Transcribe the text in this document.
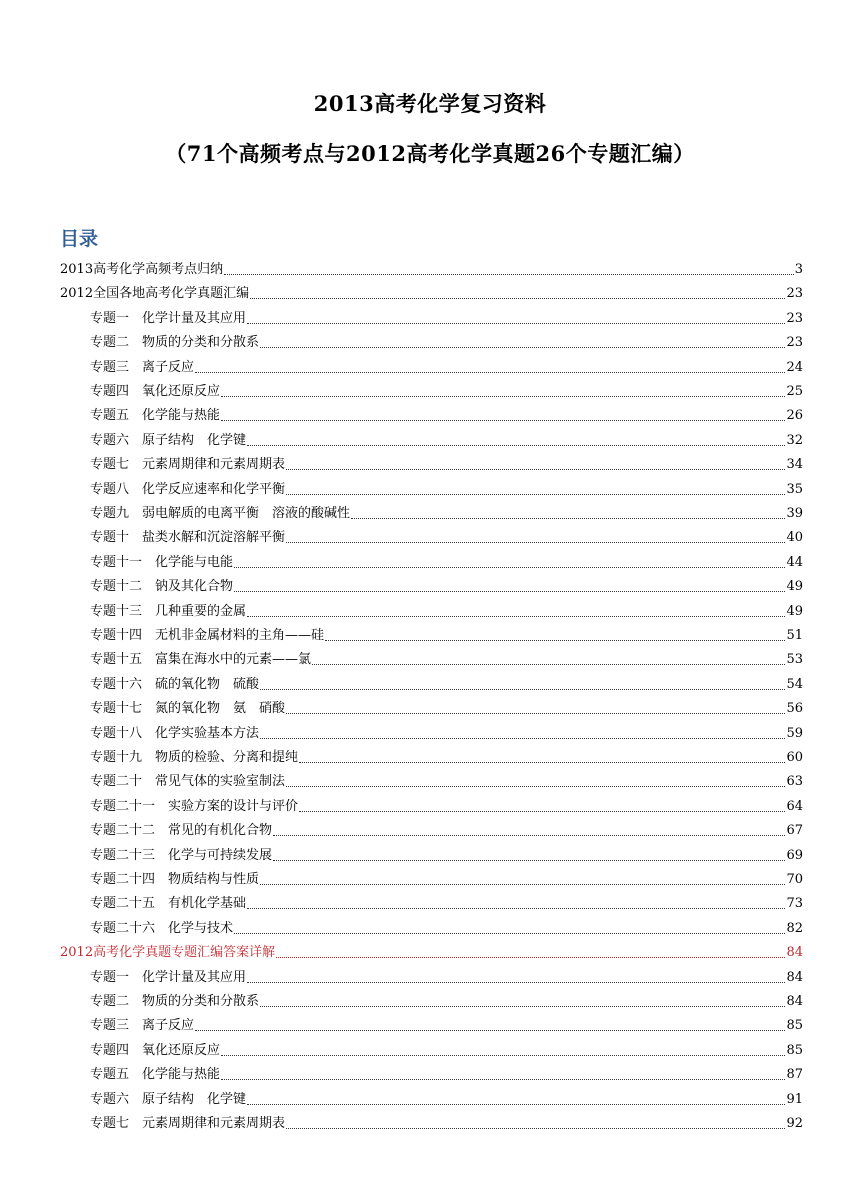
2013高考化学复习资料
（71个高频考点与2012高考化学真题26个专题汇编）
目录
2013高考化学高频考点归纳	3
2012全国各地高考化学真题汇编	23
专题一　化学计量及其应用	23
专题二　物质的分类和分散系	23
专题三　离子反应	24
专题四　氧化还原反应	25
专题五　化学能与热能	26
专题六　原子结构　化学键	32
专题七　元素周期律和元素周期表	34
专题八　化学反应速率和化学平衡	35
专题九　弱电解质的电离平衡　溶液的酸碱性	39
专题十　盐类水解和沉淀溶解平衡	40
专题十一　化学能与电能	44
专题十二　钠及其化合物	49
专题十三　几种重要的金属	49
专题十四　无机非金属材料的主角——硅	51
专题十五　富集在海水中的元素——氯	53
专题十六　硫的氧化物　硫酸	54
专题十七　氮的氧化物　氨　硝酸	56
专题十八　化学实验基本方法	59
专题十九　物质的检验、分离和提纯	60
专题二十　常见气体的实验室制法	63
专题二十一　实验方案的设计与评价	64
专题二十二　常见的有机化合物	67
专题二十三　化学与可持续发展	69
专题二十四　物质结构与性质	70
专题二十五　有机化学基础	73
专题二十六　化学与技术	82
2012高考化学真题专题汇编答案详解	84
专题一　化学计量及其应用	84
专题二　物质的分类和分散系	84
专题三　离子反应	85
专题四　氧化还原反应	85
专题五　化学能与热能	87
专题六　原子结构　化学键	91
专题七　元素周期律和元素周期表	92
